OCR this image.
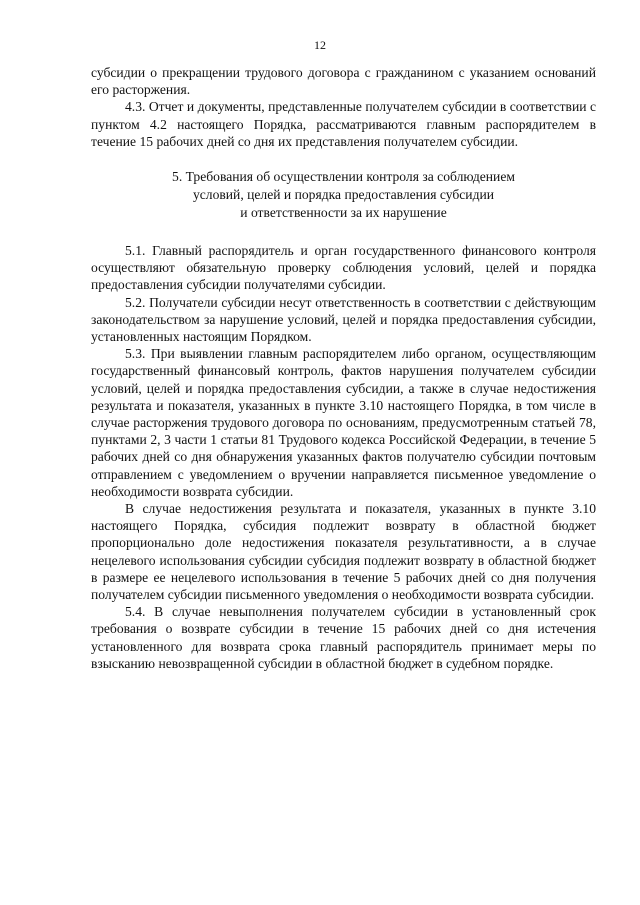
12

субсидии о прекращении трудового договора с гражданином с указанием оснований его расторжения.

4.3. Отчет и документы, представленные получателем субсидии в соответствии с пунктом 4.2 настоящего Порядка, рассматриваются главным распорядителем в течение 15 рабочих дней со дня их представления получателем субсидии.

5. Требования об осуществлении контроля за соблюдением
условий, целей и порядка предоставления субсидии
и ответственности за их нарушение

5.1. Главный распорядитель и орган государственного финансового контроля осуществляют обязательную проверку соблюдения условий, целей и порядка предоставления субсидии получателями субсидии.

5.2. Получатели субсидии несут ответственность в соответствии с действующим законодательством за нарушение условий, целей и порядка предоставления субсидии, установленных настоящим Порядком.

5.3. При выявлении главным распорядителем либо органом, осуществляющим государственный финансовый контроль, фактов нарушения получателем субсидии условий, целей и порядка предоставления субсидии, а также в случае недостижения результата и показателя, указанных в пункте 3.10 настоящего Порядка, в том числе в случае расторжения трудового договора по основаниям, предусмотренным статьей 78, пунктами 2, 3 части 1 статьи 81 Трудового кодекса Российской Федерации, в течение 5 рабочих дней со дня обнаружения указанных фактов получателю субсидии почтовым отправлением с уведомлением о вручении направляется письменное уведомление о необходимости возврата субсидии.

В случае недостижения результата и показателя, указанных в пункте 3.10 настоящего Порядка, субсидия подлежит возврату в областной бюджет пропорционально доле недостижения показателя результативности, а в случае нецелевого использования субсидии субсидия подлежит возврату в областной бюджет в размере ее нецелевого использования в течение 5 рабочих дней со дня получения получателем субсидии письменного уведомления о необходимости возврата субсидии.

5.4. В случае невыполнения получателем субсидии в установленный срок требования о возврате субсидии в течение 15 рабочих дней со дня истечения установленного для возврата срока главный распорядитель принимает меры по взысканию невозвращенной субсидии в областной бюджет в судебном порядке.
